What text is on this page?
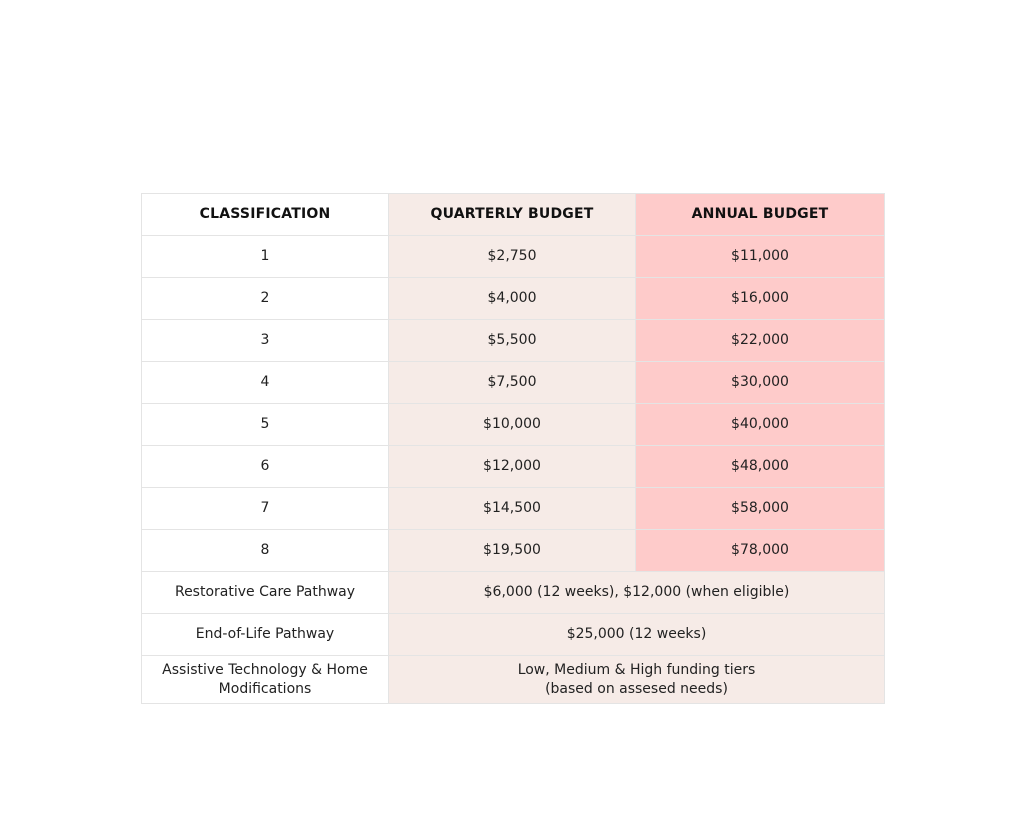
CLASSIFICATION	QUARTERLY BUDGET	ANNUAL BUDGET
1	$2,750	$11,000
2	$4,000	$16,000
3	$5,500	$22,000
4	$7,500	$30,000
5	$10,000	$40,000
6	$12,000	$48,000
7	$14,500	$58,000
8	$19,500	$78,000
Restorative Care Pathway	$6,000 (12 weeks), $12,000 (when eligible)	
End-of-Life Pathway	$25,000 (12 weeks)	
Assistive Technology & Home
Modifications	Low, Medium & High funding tiers
(based on assesed needs)	
